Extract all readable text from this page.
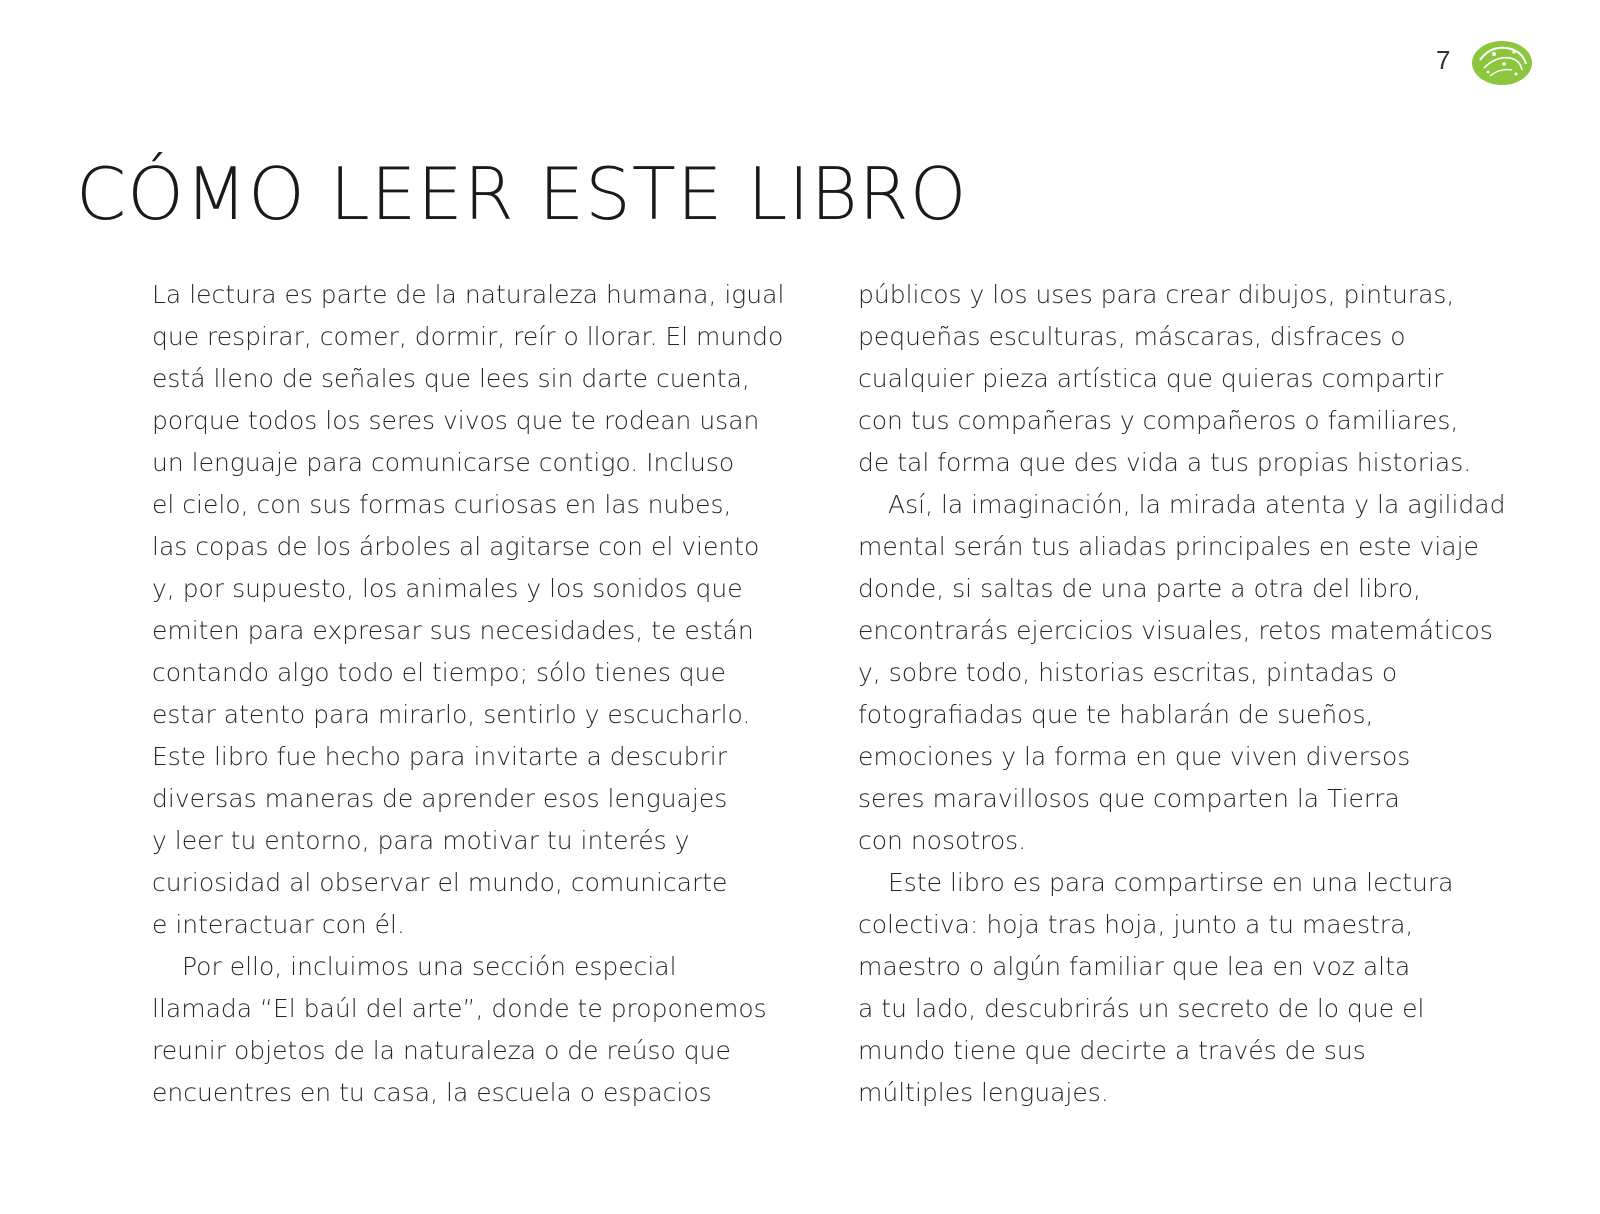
7
CÓMO LEER ESTE LIBRO
La lectura es parte de la naturaleza humana, igual
que respirar, comer, dormir, reír o llorar. El mundo
está lleno de señales que lees sin darte cuenta,
porque todos los seres vivos que te rodean usan
un lenguaje para comunicarse contigo. Incluso
el cielo, con sus formas curiosas en las nubes,
las copas de los árboles al agitarse con el viento
y, por supuesto, los animales y los sonidos que
emiten para expresar sus necesidades, te están
contando algo todo el tiempo; sólo tienes que
estar atento para mirarlo, sentirlo y escucharlo.
Este libro fue hecho para invitarte a descubrir
diversas maneras de aprender esos lenguajes
y leer tu entorno, para motivar tu interés y
curiosidad al observar el mundo, comunicarte
e interactuar con él.
Por ello, incluimos una sección especial
llamada “El baúl del arte”, donde te proponemos
reunir objetos de la naturaleza o de reúso que
encuentres en tu casa, la escuela o espacios
públicos y los uses para crear dibujos, pinturas,
pequeñas esculturas, máscaras, disfraces o
cualquier pieza artística que quieras compartir
con tus compañeras y compañeros o familiares,
de tal forma que des vida a tus propias historias.
Así, la imaginación, la mirada atenta y la agilidad
mental serán tus aliadas principales en este viaje
donde, si saltas de una parte a otra del libro,
encontrarás ejercicios visuales, retos matemáticos
y, sobre todo, historias escritas, pintadas o
fotografiadas que te hablarán de sueños,
emociones y la forma en que viven diversos
seres maravillosos que comparten la Tierra
con nosotros.
Este libro es para compartirse en una lectura
colectiva: hoja tras hoja, junto a tu maestra,
maestro o algún familiar que lea en voz alta
a tu lado, descubrirás un secreto de lo que el
mundo tiene que decirte a través de sus
múltiples lenguajes.
